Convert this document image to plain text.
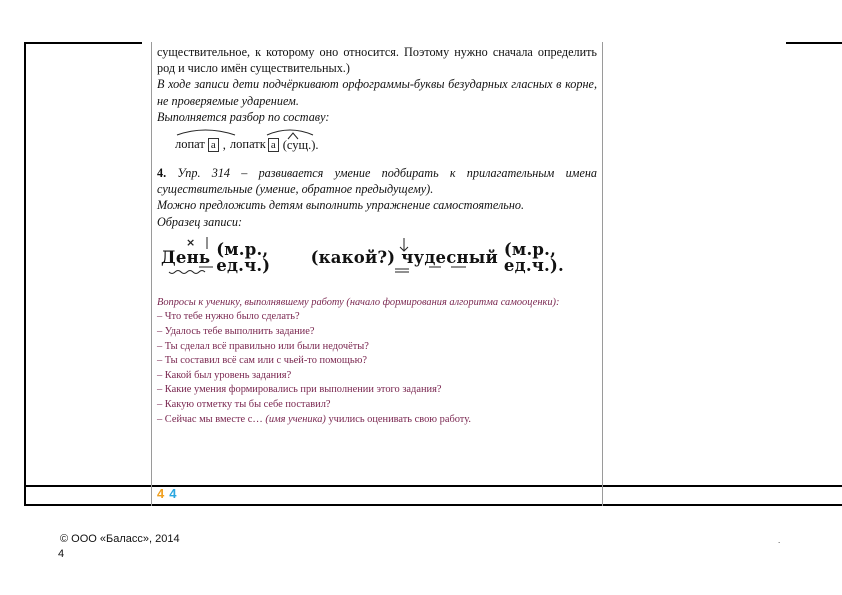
существительное, к которому оно относится. Поэтому нужно сначала определить род и число имён существительных.)

В ходе записи дети подчёркивают орфограммы-буквы безударных гласных в корне, не проверяемые ударением.

Выполняется разбор по составу:

лопат а , лопатк а (сущ.).

4. Упр. 314 – развивается умение подбирать к прилагательным имена существительные (умение, обратное предыдущему).

Можно предложить детям выполнить упражнение самостоятельно.

Образец записи:

День (м.р., ед.ч.)	(какой?) чудесный (м.р., ед.ч.).
×

Вопросы к ученику, выполнявшему работу (начало формирования алгоритма самооценки):

– Что тебе нужно было сделать?

– Удалось тебе выполнить задание?

– Ты сделал всё правильно или были недочёты?

– Ты составил всё сам или с чьей-то помощью?

– Какой был уровень задания?

– Какие умения формировались при выполнении этого задания?

– Какую отметку ты бы себе поставил?

– Сейчас мы вместе с… (имя ученика) учились оценивать свою работу.

4 4
© ООО «Баласс», 2014
4
.
